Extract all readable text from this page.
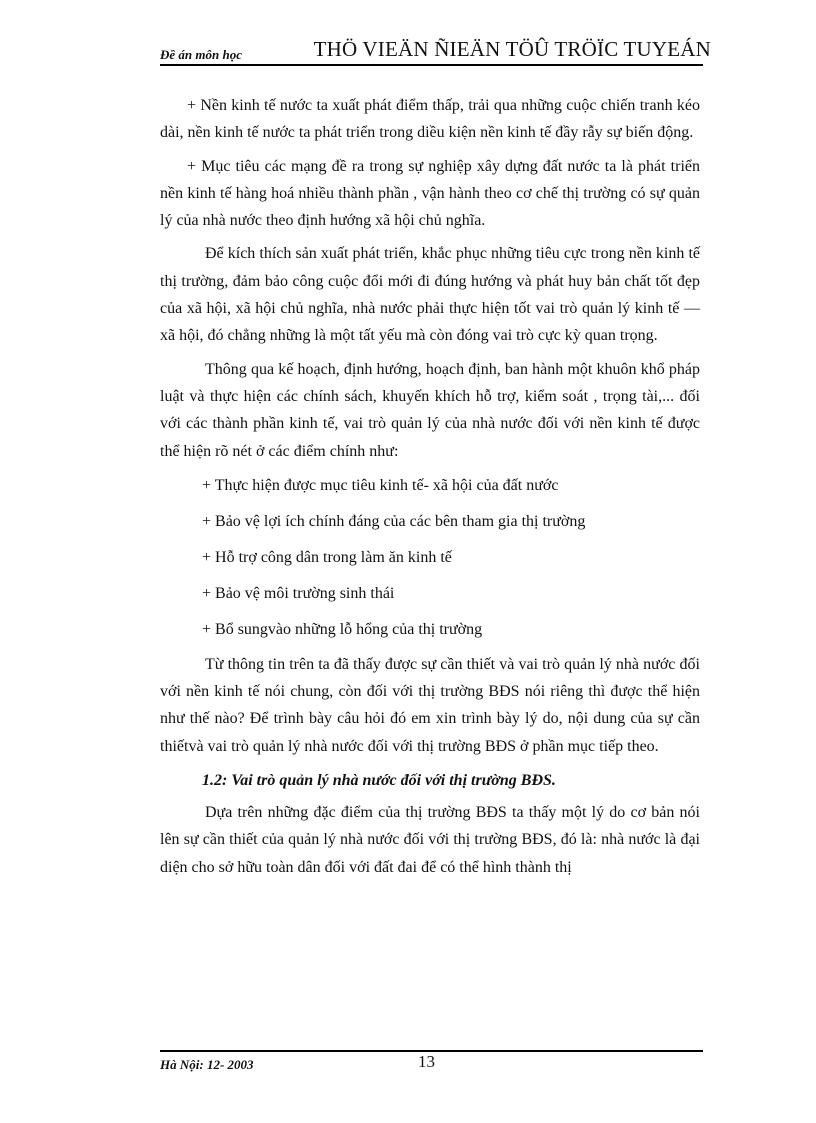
Đề án môn học	THÖ VIEÄN ÑIEÄN TÖÛ TRÖÏC TUYEÁN

+ Nền kinh tế nước ta xuất phát điểm thấp, trải qua những cuộc chiến tranh kéo dài, nền kinh tế nước ta phát triển trong diều kiện nền kinh tế đầy rẫy sự biến động.

+ Mục tiêu các mạng đề ra trong sự nghiệp xây dựng đất nước ta là phát triển nền kinh tế hàng hoá nhiều thành phần , vận hành theo cơ chế thị trường có sự quản lý của nhà nước theo định hướng xã hội chủ nghĩa.

Để kích thích sản xuất phát triển, khắc phục những tiêu cực trong nền kinh tế thị trường, đảm bảo công cuộc đổi mới đi đúng hướng và phát huy bản chất tốt đẹp của xã hội, xã hội chủ nghĩa, nhà nước phải thực hiện tốt vai trò quản lý kinh tế — xã hội, đó chẳng những là một tất yếu mà còn đóng vai trò cực kỳ quan trọng.

Thông qua kế hoạch, định hướng, hoạch định, ban hành một khuôn khổ pháp luật và thực hiện các chính sách, khuyến khích hỗ trợ, kiểm soát , trọng tài,... đối với các thành phần kinh tế, vai trò quản lý của nhà nước đối với nền kinh tế được thể hiện rõ nét ở các điểm chính như:

+ Thực hiện được mục tiêu kinh tế- xã hội của đất nước
+ Bảo vệ lợi ích chính đáng của các bên tham gia thị trường
+ Hỗ trợ công dân trong làm ăn kinh tế
+ Bảo vệ môi trường sinh thái
+ Bổ sungvào những lỗ hổng của thị trường

Từ thông tin trên ta đã thấy được sự cần thiết và vai trò quản lý nhà nước đối với nền kinh tế nói chung, còn đối với thị trường BĐS nói riêng thì được thể hiện như thế nào? Để trình bày câu hỏi đó em xin trình bày lý do, nội dung của sự cần thiếtvà vai trò quản lý nhà nước đối với thị trường BĐS ở phần mục tiếp theo.

1.2: Vai trò quản lý nhà nước đối với thị trường BĐS.

Dựa trên những đặc điểm của thị trường BĐS ta thấy một lý do cơ bản nói lên sự cần thiết của quản lý nhà nước đối với thị trường BĐS, đó là: nhà nước là đại diện cho sở hữu toàn dân đối với đất đai để có thể hình thành thị

Hà Nội: 12- 2003	13
